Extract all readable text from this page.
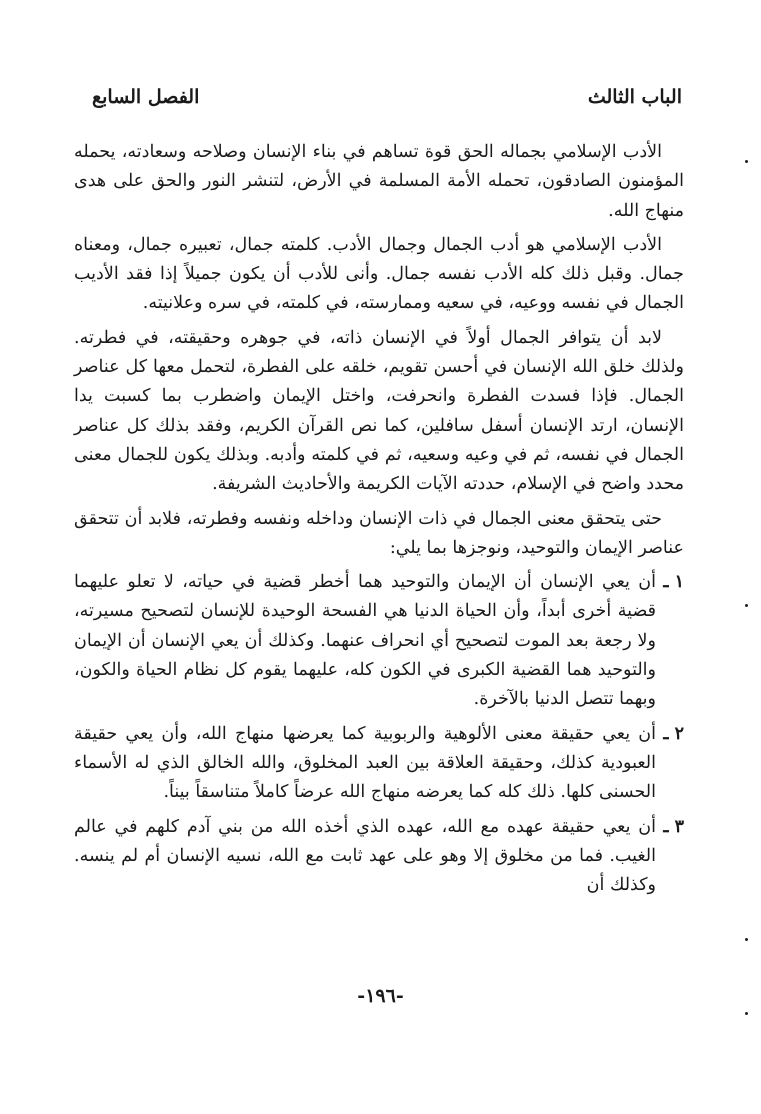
الباب الثالث
الفصل السابع

الأدب الإسلامي بجماله الحق قوة تساهم في بناء الإنسان وصلاحه وسعادته، يحمله المؤمنون الصادقون، تحمله الأمة المسلمة في الأرض، لتنشر النور والحق على هدى منهاج الله.

الأدب الإسلامي هو أدب الجمال وجمال الأدب. كلمته جمال، تعبيره جمال، ومعناه جمال. وقبل ذلك كله الأدب نفسه جمال. وأنى للأدب أن يكون جميلاً إذا فقد الأديب الجمال في نفسه ووعيه، في سعيه وممارسته، في كلمته، في سره وعلانيته.

لابد أن يتوافر الجمال أولاً في الإنسان ذاته، في جوهره وحقيقته، في فطرته. ولذلك خلق الله الإنسان في أحسن تقويم، خلقه على الفطرة، لتحمل معها كل عناصر الجمال. فإذا فسدت الفطرة وانحرفت، واختل الإيمان واضطرب بما كسبت يدا الإنسان، ارتد الإنسان أسفل سافلين، كما نص القرآن الكريم، وفقد بذلك كل عناصر الجمال في نفسه، ثم في وعيه وسعيه، ثم في كلمته وأدبه. وبذلك يكون للجمال معنى محدد واضح في الإسلام، حددته الآيات الكريمة والأحاديث الشريفة.

حتى يتحقق معنى الجمال في ذات الإنسان وداخله ونفسه وفطرته، فلابد أن تتحقق عناصر الإيمان والتوحيد، ونوجزها بما يلي:

١ ـ
أن يعي الإنسان أن الإيمان والتوحيد هما أخطر قضية في حياته، لا تعلو عليهما قضية أخرى أبداً، وأن الحياة الدنيا هي الفسحة الوحيدة للإنسان لتصحيح مسيرته، ولا رجعة بعد الموت لتصحيح أي انحراف عنهما. وكذلك أن يعي الإنسان أن الإيمان والتوحيد هما القضية الكبرى في الكون كله، عليهما يقوم كل نظام الحياة والكون، وبهما تتصل الدنيا بالآخرة.
٢ ـ
أن يعي حقيقة معنى الألوهية والربوبية كما يعرضها منهاج الله، وأن يعي حقيقة العبودية كذلك، وحقيقة العلاقة بين العبد المخلوق، والله الخالق الذي له الأسماء الحسنى كلها. ذلك كله كما يعرضه منهاج الله عرضاً كاملاً متناسقاً بيناً.
٣ ـ
أن يعي حقيقة عهده مع الله، عهده الذي أخذه الله من بني آدم كلهم في عالم الغيب. فما من مخلوق إلا وهو على عهد ثابت مع الله، نسيه الإنسان أم لم ينسه. وكذلك أن
-١٩٦-
